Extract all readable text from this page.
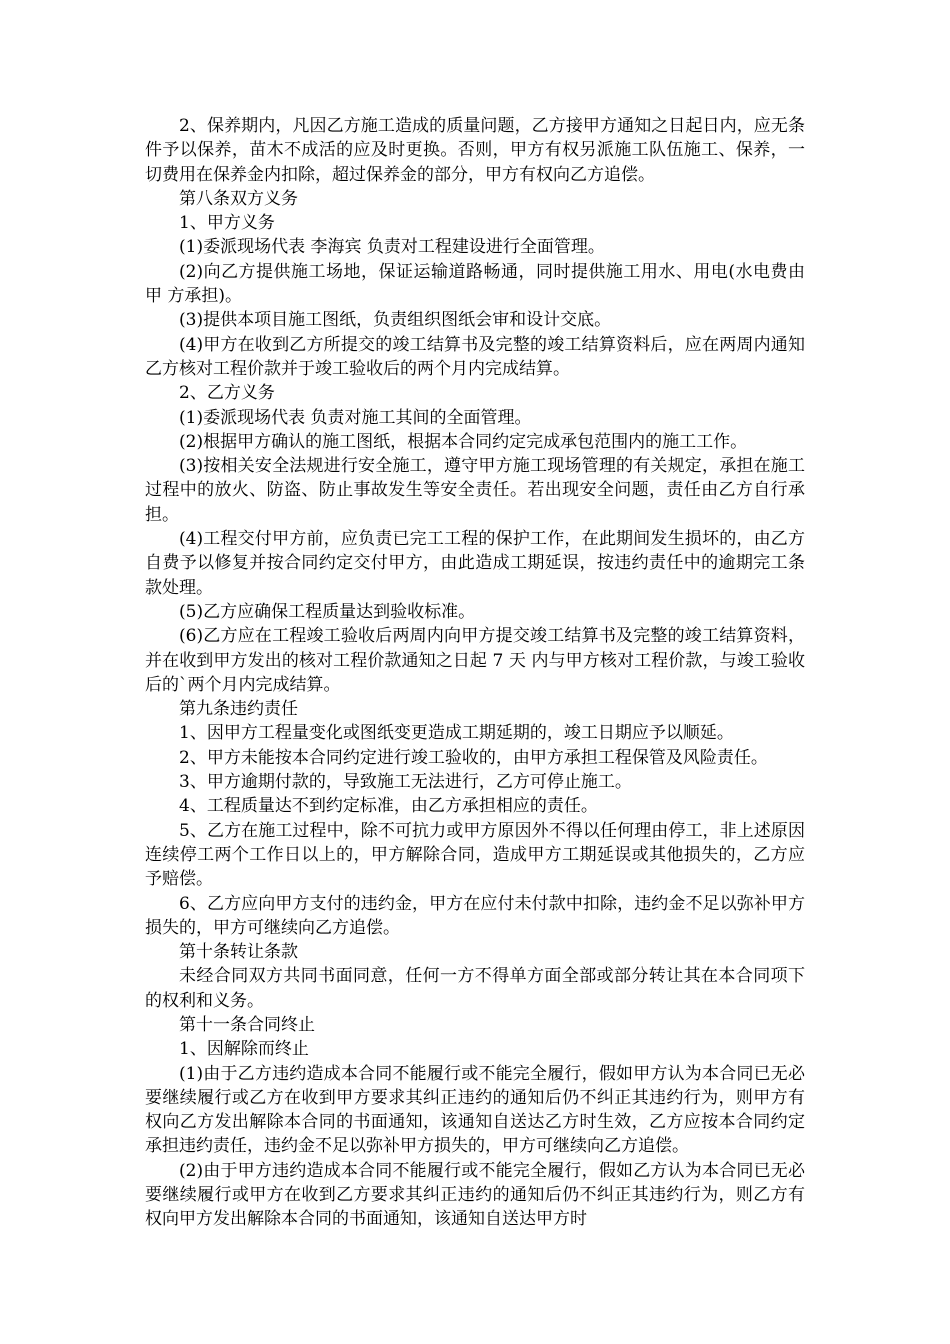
2、保养期内，凡因乙方施工造成的质量问题，乙方接甲方通知之日起日内，应无条件予以保养，苗木不成活的应及时更换。否则，甲方有权另派施工队伍施工、保养，一切费用在保养金内扣除，超过保养金的部分，甲方有权向乙方追偿。

第八条双方义务

1、甲方义务

(1)委派现场代表 李海宾 负责对工程建设进行全面管理。

(2)向乙方提供施工场地，保证运输道路畅通，同时提供施工用水、用电(水电费由 甲 方承担)。

(3)提供本项目施工图纸，负责组织图纸会审和设计交底。

(4)甲方在收到乙方所提交的竣工结算书及完整的竣工结算资料后，应在两周内通知乙方核对工程价款并于竣工验收后的两个月内完成结算。

2、乙方义务

(1)委派现场代表 负责对施工其间的全面管理。

(2)根据甲方确认的施工图纸，根据本合同约定完成承包范围内的施工工作。

(3)按相关安全法规进行安全施工，遵守甲方施工现场管理的有关规定，承担在施工过程中的放火、防盗、防止事故发生等安全责任。若出现安全问题，责任由乙方自行承担。

(4)工程交付甲方前，应负责已完工工程的保护工作，在此期间发生损坏的，由乙方自费予以修复并按合同约定交付甲方，由此造成工期延误，按违约责任中的逾期完工条款处理。

(5)乙方应确保工程质量达到验收标准。

(6)乙方应在工程竣工验收后两周内向甲方提交竣工结算书及完整的竣工结算资料，并在收到甲方发出的核对工程价款通知之日起 7 天 内与甲方核对工程价款，与竣工验收后的`两个月内完成结算。

第九条违约责任

1、因甲方工程量变化或图纸变更造成工期延期的，竣工日期应予以顺延。

2、甲方未能按本合同约定进行竣工验收的，由甲方承担工程保管及风险责任。

3、甲方逾期付款的，导致施工无法进行，乙方可停止施工。

4、工程质量达不到约定标准，由乙方承担相应的责任。

5、乙方在施工过程中，除不可抗力或甲方原因外不得以任何理由停工，非上述原因连续停工两个工作日以上的，甲方解除合同，造成甲方工期延误或其他损失的，乙方应予赔偿。

6、乙方应向甲方支付的违约金，甲方在应付未付款中扣除，违约金不足以弥补甲方损失的，甲方可继续向乙方追偿。

第十条转让条款

未经合同双方共同书面同意，任何一方不得单方面全部或部分转让其在本合同项下的权利和义务。

第十一条合同终止

1、因解除而终止

(1)由于乙方违约造成本合同不能履行或不能完全履行，假如甲方认为本合同已无必要继续履行或乙方在收到甲方要求其纠正违约的通知后仍不纠正其违约行为，则甲方有权向乙方发出解除本合同的书面通知，该通知自送达乙方时生效，乙方应按本合同约定承担违约责任，违约金不足以弥补甲方损失的，甲方可继续向乙方追偿。

(2)由于甲方违约造成本合同不能履行或不能完全履行，假如乙方认为本合同已无必要继续履行或甲方在收到乙方要求其纠正违约的通知后仍不纠正其违约行为，则乙方有权向甲方发出解除本合同的书面通知，该通知自送达甲方时
